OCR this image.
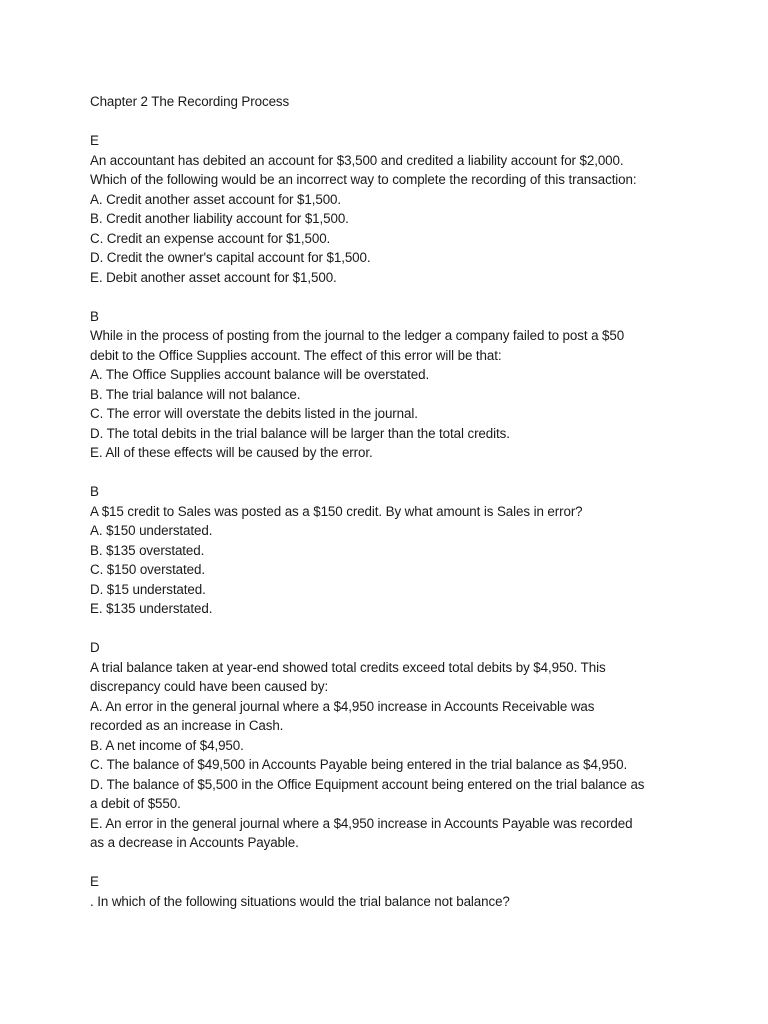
Chapter 2 The Recording Process
E
An accountant has debited an account for $3,500 and credited a liability account for $2,000.
Which of the following would be an incorrect way to complete the recording of this transaction:
A. Credit another asset account for $1,500.
B. Credit another liability account for $1,500.
C. Credit an expense account for $1,500.
D. Credit the owner's capital account for $1,500.
E. Debit another asset account for $1,500.
B
While in the process of posting from the journal to the ledger a company failed to post a $50
debit to the Office Supplies account. The effect of this error will be that:
A. The Office Supplies account balance will be overstated.
B. The trial balance will not balance.
C. The error will overstate the debits listed in the journal.
D. The total debits in the trial balance will be larger than the total credits.
E. All of these effects will be caused by the error.
B
A $15 credit to Sales was posted as a $150 credit. By what amount is Sales in error?
A. $150 understated.
B. $135 overstated.
C. $150 overstated.
D. $15 understated.
E. $135 understated.
D
A trial balance taken at year-end showed total credits exceed total debits by $4,950. This
discrepancy could have been caused by:
A. An error in the general journal where a $4,950 increase in Accounts Receivable was
recorded as an increase in Cash.
B. A net income of $4,950.
C. The balance of $49,500 in Accounts Payable being entered in the trial balance as $4,950.
D. The balance of $5,500 in the Office Equipment account being entered on the trial balance as
a debit of $550.
E. An error in the general journal where a $4,950 increase in Accounts Payable was recorded
as a decrease in Accounts Payable.
E
. In which of the following situations would the trial balance not balance?
